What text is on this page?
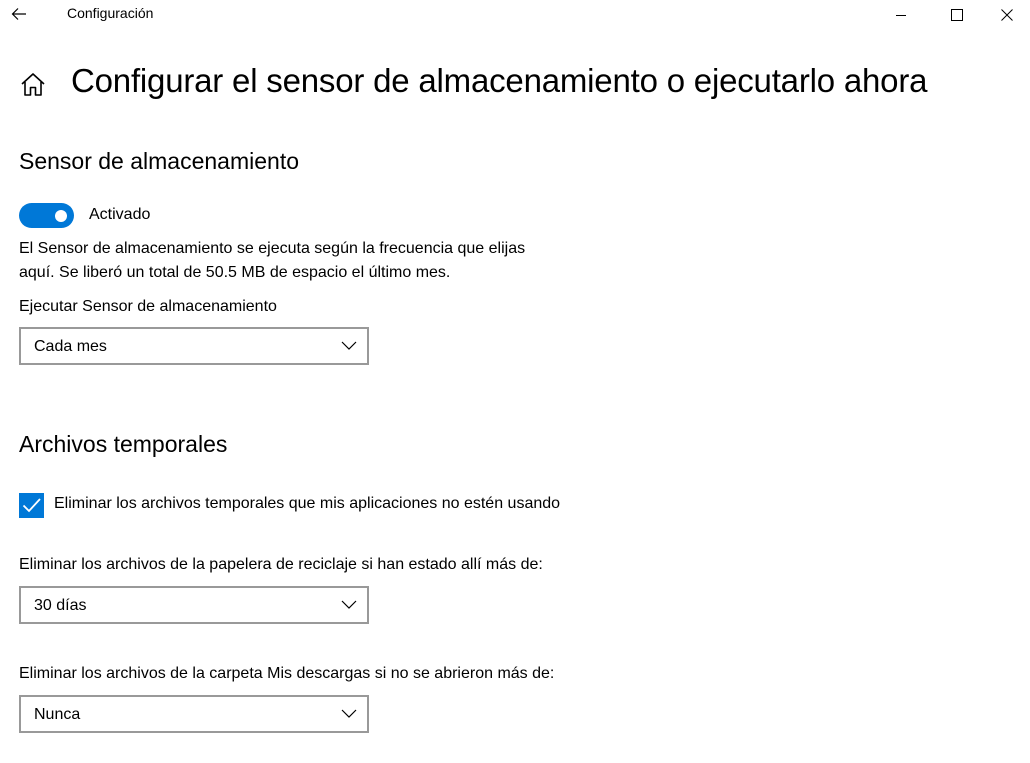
Configuración
Configurar el sensor de almacenamiento o ejecutarlo ahora
Sensor de almacenamiento
Activado
El Sensor de almacenamiento se ejecuta según la frecuencia que elijas
aquí. Se liberó un total de 50.5 MB de espacio el último mes.
Ejecutar Sensor de almacenamiento
Cada mes
Archivos temporales
Eliminar los archivos temporales que mis aplicaciones no estén usando
Eliminar los archivos de la papelera de reciclaje si han estado allí más de:
30 días
Eliminar los archivos de la carpeta Mis descargas si no se abrieron más de:
Nunca
